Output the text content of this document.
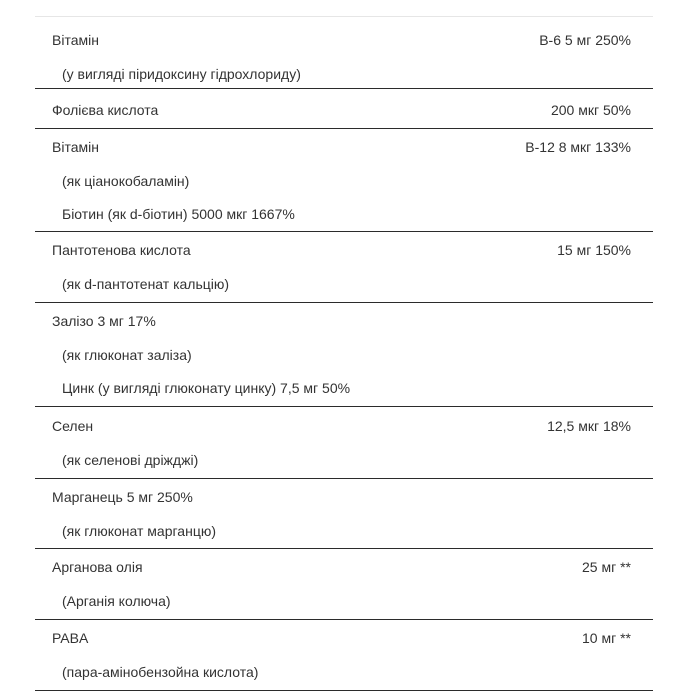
Вітамін
(у вигляді піридоксину гідрохлориду)
В-6 5 мг 250%
Фолієва кислота	200 мкг 50%
Вітамін
(як ціанокобаламін)
Біотин (як d-біотин) 5000 мкг 1667%
В-12 8 мкг 133%
Пантотенова кислота
(як d-пантотенат кальцію)
15 мг 150%
Залізо 3 мг 17%
(як глюконат заліза)
Цинк (у вигляді глюконату цинку) 7,5 мг 50%
Селен
(як селенові дріжджі)
12,5 мкг 18%
Марганець 5 мг 250%
(як глюконат марганцю)
Арганова олія
(Арганія колюча)
25 мг **
PABA
(пара-амінобензойна кислота)
10 мг **
